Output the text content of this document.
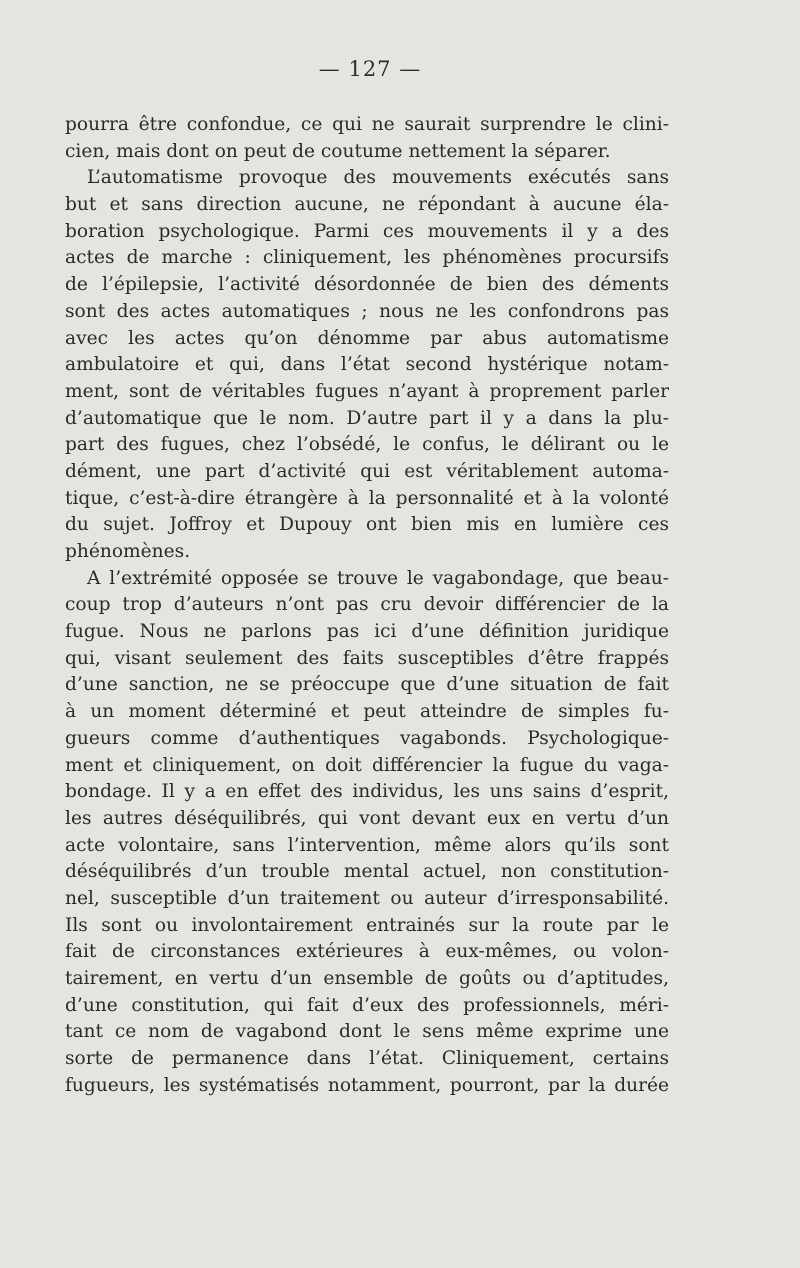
— 127 —
pourra être confondue, ce qui ne saurait surprendre le clini-
cien, mais dont on peut de coutume nettement la séparer.
L’automatisme provoque des mouvements exécutés sans
but et sans direction aucune, ne répondant à aucune éla-
boration psychologique. Parmi ces mouvements il y a des
actes de marche : cliniquement, les phénomènes procursifs
de l’épilepsie, l’activité désordonnée de bien des déments
sont des actes automatiques ; nous ne les confondrons pas
avec les actes qu’on dénomme par abus automatisme
ambulatoire et qui, dans l’état second hystérique notam-
ment, sont de véritables fugues n’ayant à proprement parler
d’automatique que le nom. D’autre part il y a dans la plu-
part des fugues, chez l’obsédé, le confus, le délirant ou le
dément, une part d’activité qui est véritablement automa-
tique, c’est-à-dire étrangère à la personnalité et à la volonté
du sujet. Joffroy et Dupouy ont bien mis en lumière ces
phénomènes.
A l’extrémité opposée se trouve le vagabondage, que beau-
coup trop d’auteurs n’ont pas cru devoir différencier de la
fugue. Nous ne parlons pas ici d’une définition juridique
qui, visant seulement des faits susceptibles d’être frappés
d’une sanction, ne se préoccupe que d’une situation de fait
à un moment déterminé et peut atteindre de simples fu-
gueurs comme d’authentiques vagabonds. Psychologique-
ment et cliniquement, on doit différencier la fugue du vaga-
bondage. Il y a en effet des individus, les uns sains d’esprit,
les autres déséquilibrés, qui vont devant eux en vertu d’un
acte volontaire, sans l’intervention, même alors qu’ils sont
déséquilibrés d’un trouble mental actuel, non constitution-
nel, susceptible d’un traitement ou auteur d’irresponsabilité.
Ils sont ou involontairement entrainés sur la route par le
fait de circonstances extérieures à eux-mêmes, ou volon-
tairement, en vertu d’un ensemble de goûts ou d’aptitudes,
d’une constitution, qui fait d’eux des professionnels, méri-
tant ce nom de vagabond dont le sens même exprime une
sorte de permanence dans l’état. Cliniquement, certains
fugueurs, les systématisés notamment, pourront, par la durée
